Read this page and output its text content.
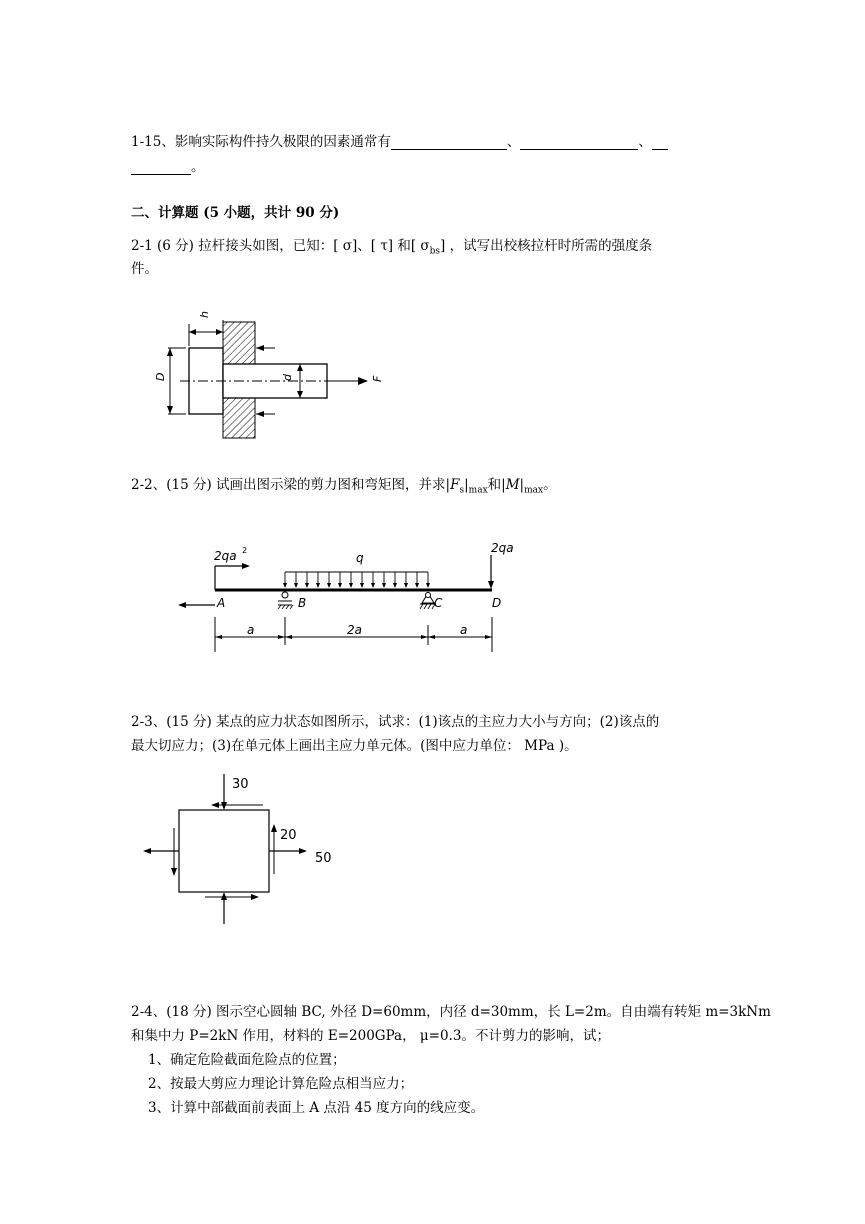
1-15、影响实际构件持久极限的因素通常有	、	、
。
二、计算题 (5 小题，共计 90 分)
2-1 (6 分) 拉杆接头如图，已知：[ σ]、[ τ] 和[ $\sigma_{bs}$] ，试写出校核拉杆时所需的强度条
件。
F
D	d
h
2-2、(15 分) 试画出图示梁的剪力图和弯矩图，并求$|F_s|_{max}$和$|M|_{max}$。
2qa 2
q
2qa
A	B	C	D
a	2a	a
2-3、(15 分) 某点的应力状态如图所示，试求：(1)该点的主应力大小与方向；(2)该点的
最大切应力；(3)在单元体上画出主应力单元体。(图中应力单位： MPa )。
30
20
50
2-4、(18 分) 图示空心圆轴 BC, 外径 D=60mm，内径 d=30mm，长 L=2m。自由端有转矩 m=3kNm
和集中力 P=2kN 作用，材料的 E=200GPa， μ=0.3。不计剪力的影响，试；
1、确定危险截面危险点的位置；
2、按最大剪应力理论计算危险点相当应力；
3、计算中部截面前表面上 A 点沿 45 度方向的线应变。
